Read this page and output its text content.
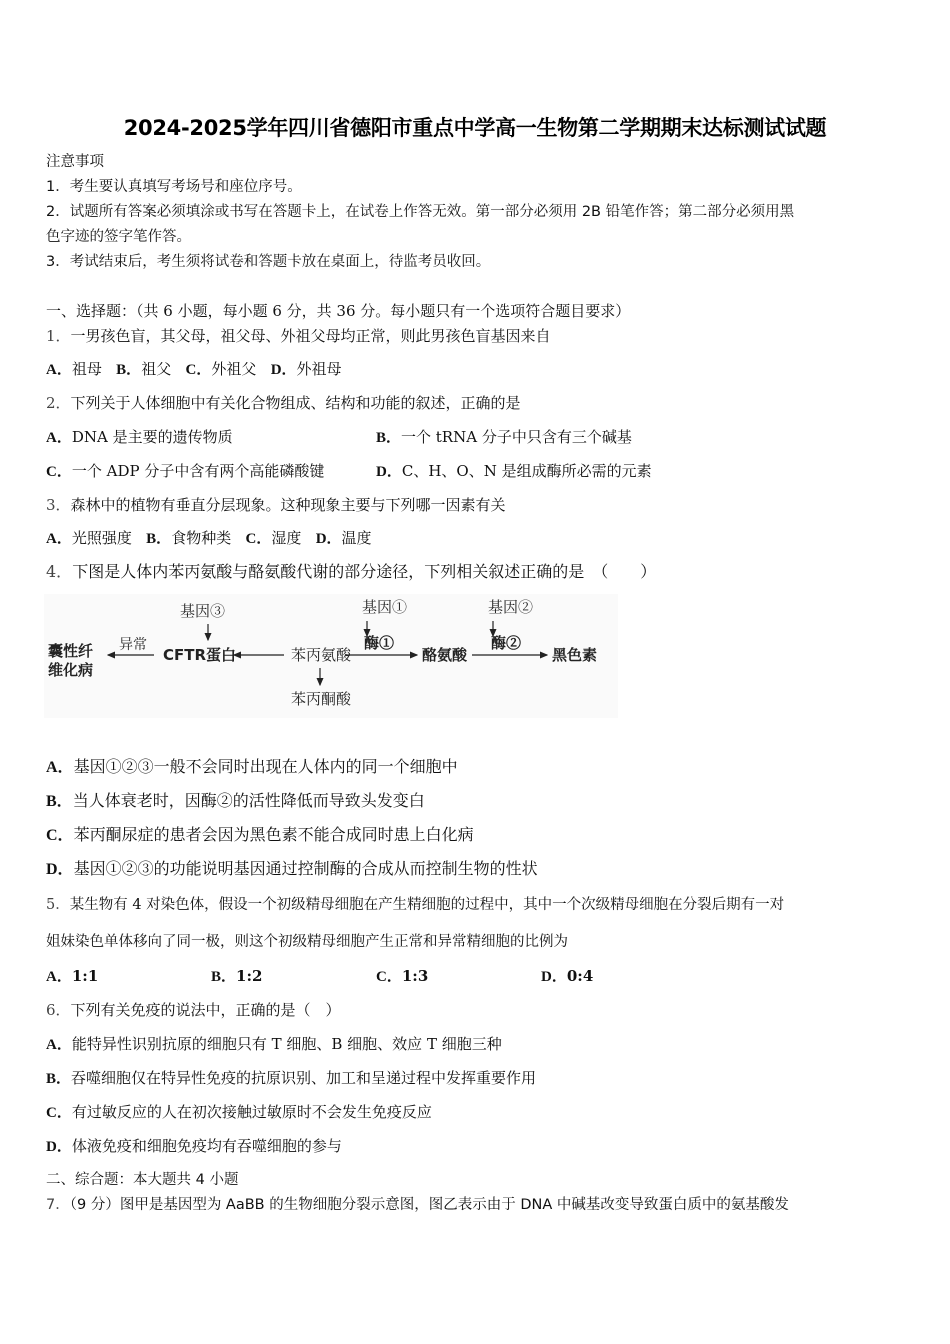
2024-2025学年四川省德阳市重点中学高一生物第二学期期末达标测试试题
注意事项
1．考生要认真填写考场号和座位序号。
2．试题所有答案必须填涂或书写在答题卡上，在试卷上作答无效。第一部分必须用 2B 铅笔作答；第二部分必须用黑
色字迹的签字笔作答。
3．考试结束后，考生须将试卷和答题卡放在桌面上，待监考员收回。
一、选择题：（共 6 小题，每小题 6 分，共 36 分。每小题只有一个选项符合题目要求）
1．一男孩色盲，其父母，祖父母、外祖父母均正常，则此男孩色盲基因来自
A．祖母 B．祖父 C．外祖父 D．外祖母
2．下列关于人体细胞中有关化合物组成、结构和功能的叙述，正确的是
A．DNA 是主要的遗传物质	B．一个 tRNA 分子中只含有三个碱基
C．一个 ADP 分子中含有两个高能磷酸键	D．C、H、O、N 是组成酶所必需的元素
3．森林中的植物有垂直分层现象。这种现象主要与下列哪一因素有关
A．光照强度 B．食物种类 C．湿度 D．温度
4．下图是人体内苯丙氨酸与酪氨酸代谢的部分途径，下列相关叙述正确的是　（　　）
基因③	基因①	基因②
囊性纤
维化病
异常
CFTR蛋白	苯丙氨酸
酶①
酪氨酸
酶②
黑色素
苯丙酮酸
A．基因①②③一般不会同时出现在人体内的同一个细胞中
B．当人体衰老时，因酶②的活性降低而导致头发变白
C．苯丙酮尿症的患者会因为黑色素不能合成同时患上白化病
D．基因①②③的功能说明基因通过控制酶的合成从而控制生物的性状
5．某生物有 4 对染色体，假设一个初级精母细胞在产生精细胞的过程中，其中一个次级精母细胞在分裂后期有一对
姐妹染色单体移向了同一极，则这个初级精母细胞产生正常和异常精细胞的比例为
A．1:1	B．1:2	C．1:3	D．0:4
6．下列有关免疫的说法中，正确的是（　）
A．能特异性识别抗原的细胞只有 T 细胞、B 细胞、效应 T 细胞三种
B．吞噬细胞仅在特异性免疫的抗原识别、加工和呈递过程中发挥重要作用
C．有过敏反应的人在初次接触过敏原时不会发生免疫反应
D．体液免疫和细胞免疫均有吞噬细胞的参与
二、综合题：本大题共 4 小题
7．（9 分）图甲是基因型为 AaBB 的生物细胞分裂示意图，图乙表示由于 DNA 中碱基改变导致蛋白质中的氨基酸发
